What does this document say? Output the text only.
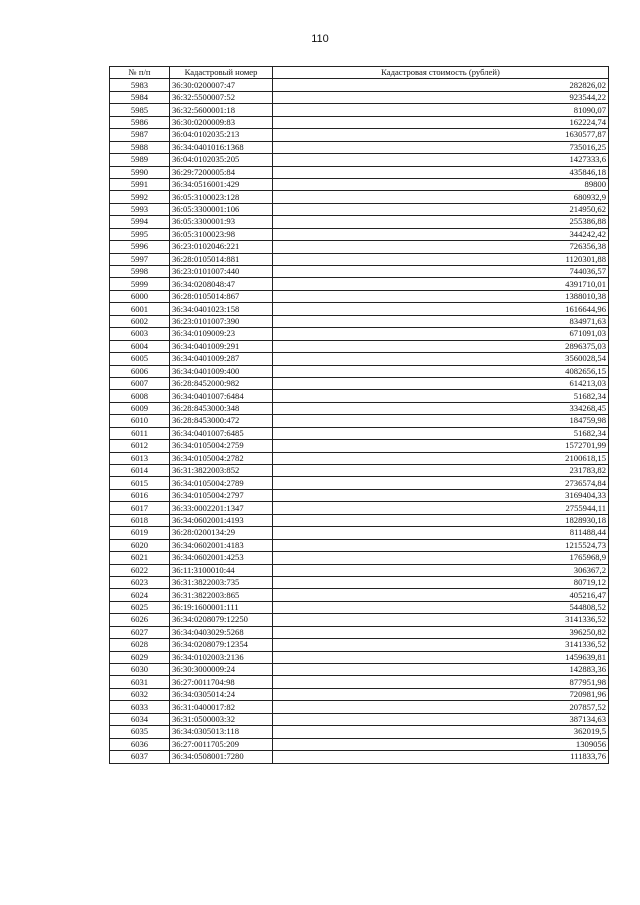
110
№ п/п	Кадастровый номер	Кадастровая стоимость (рублей)
5983	36:30:0200007:47	282826,02
5984	36:32:5500007:52	923544,22
5985	36:32:5600001:18	81090,07
5986	36:30:0200009:83	162224,74
5987	36:04:0102035:213	1630577,87
5988	36:34:0401016:1368	735016,25
5989	36:04:0102035:205	1427333,6
5990	36:29:7200005:84	435846,18
5991	36:34:0516001:429	89800
5992	36:05:3100023:128	680932,9
5993	36:05:3300001:106	214950,62
5994	36:05:3300001:93	255386,88
5995	36:05:3100023:98	344242,42
5996	36:23:0102046:221	726356,38
5997	36:28:0105014:881	1120301,88
5998	36:23:0101007:440	744036,57
5999	36:34:0208048:47	4391710,01
6000	36:28:0105014:867	1388010,38
6001	36:34:0401023:158	1616644,96
6002	36:23:0101007:390	834971,63
6003	36:34:0109009:23	671091,03
6004	36:34:0401009:291	2896375,03
6005	36:34:0401009:287	3560028,54
6006	36:34:0401009:400	4082656,15
6007	36:28:8452000:982	614213,03
6008	36:34:0401007:6484	51682,34
6009	36:28:8453000:348	334268,45
6010	36:28:8453000:472	184759,98
6011	36:34:0401007:6485	51682,34
6012	36:34:0105004:2759	1572701,99
6013	36:34:0105004:2782	2100618,15
6014	36:31:3822003:852	231783,82
6015	36:34:0105004:2789	2736574,84
6016	36:34:0105004:2797	3169404,33
6017	36:33:0002201:1347	2755944,11
6018	36:34:0602001:4193	1828930,18
6019	36:28:0200134:29	811488,44
6020	36:34:0602001:4183	1215524,73
6021	36:34:0602001:4253	1765968,9
6022	36:11:3100010:44	306367,2
6023	36:31:3822003:735	80719,12
6024	36:31:3822003:865	405216,47
6025	36:19:1600001:111	544808,52
6026	36:34:0208079:12250	3141336,52
6027	36:34:0403029:5268	396250,82
6028	36:34:0208079:12354	3141336,52
6029	36:34:0102003:2136	1459639,81
6030	36:30:3000009:24	142883,36
6031	36:27:0011704:98	877951,98
6032	36:34:0305014:24	720981,96
6033	36:31:0400017:82	207857,52
6034	36:31:0500003:32	387134,63
6035	36:34:0305013:118	362019,5
6036	36:27:0011705:209	1309056
6037	36:34:0508001:7280	111833,76
